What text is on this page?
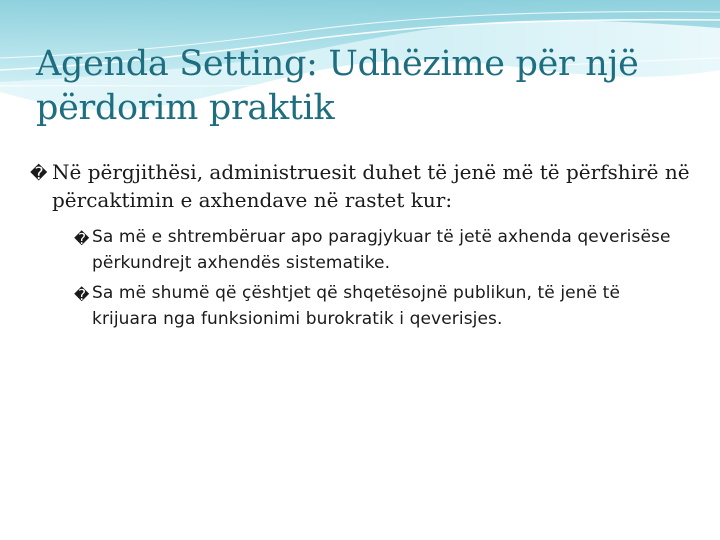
Agenda Setting: Udhëzime për një përdorim praktik
� Në përgjithësi, administruesit duhet të jenë më të përfshirë në përcaktimin e axhendave në rastet kur:
� Sa më e shtrembëruar apo paragjykuar të jetë axhenda qeverisëse përkundrejt axhendës sistematike.
� Sa më shumë që çështjet që shqetësojnë publikun, të jenë të krijuara nga funksionimi burokratik i qeverisjes.
